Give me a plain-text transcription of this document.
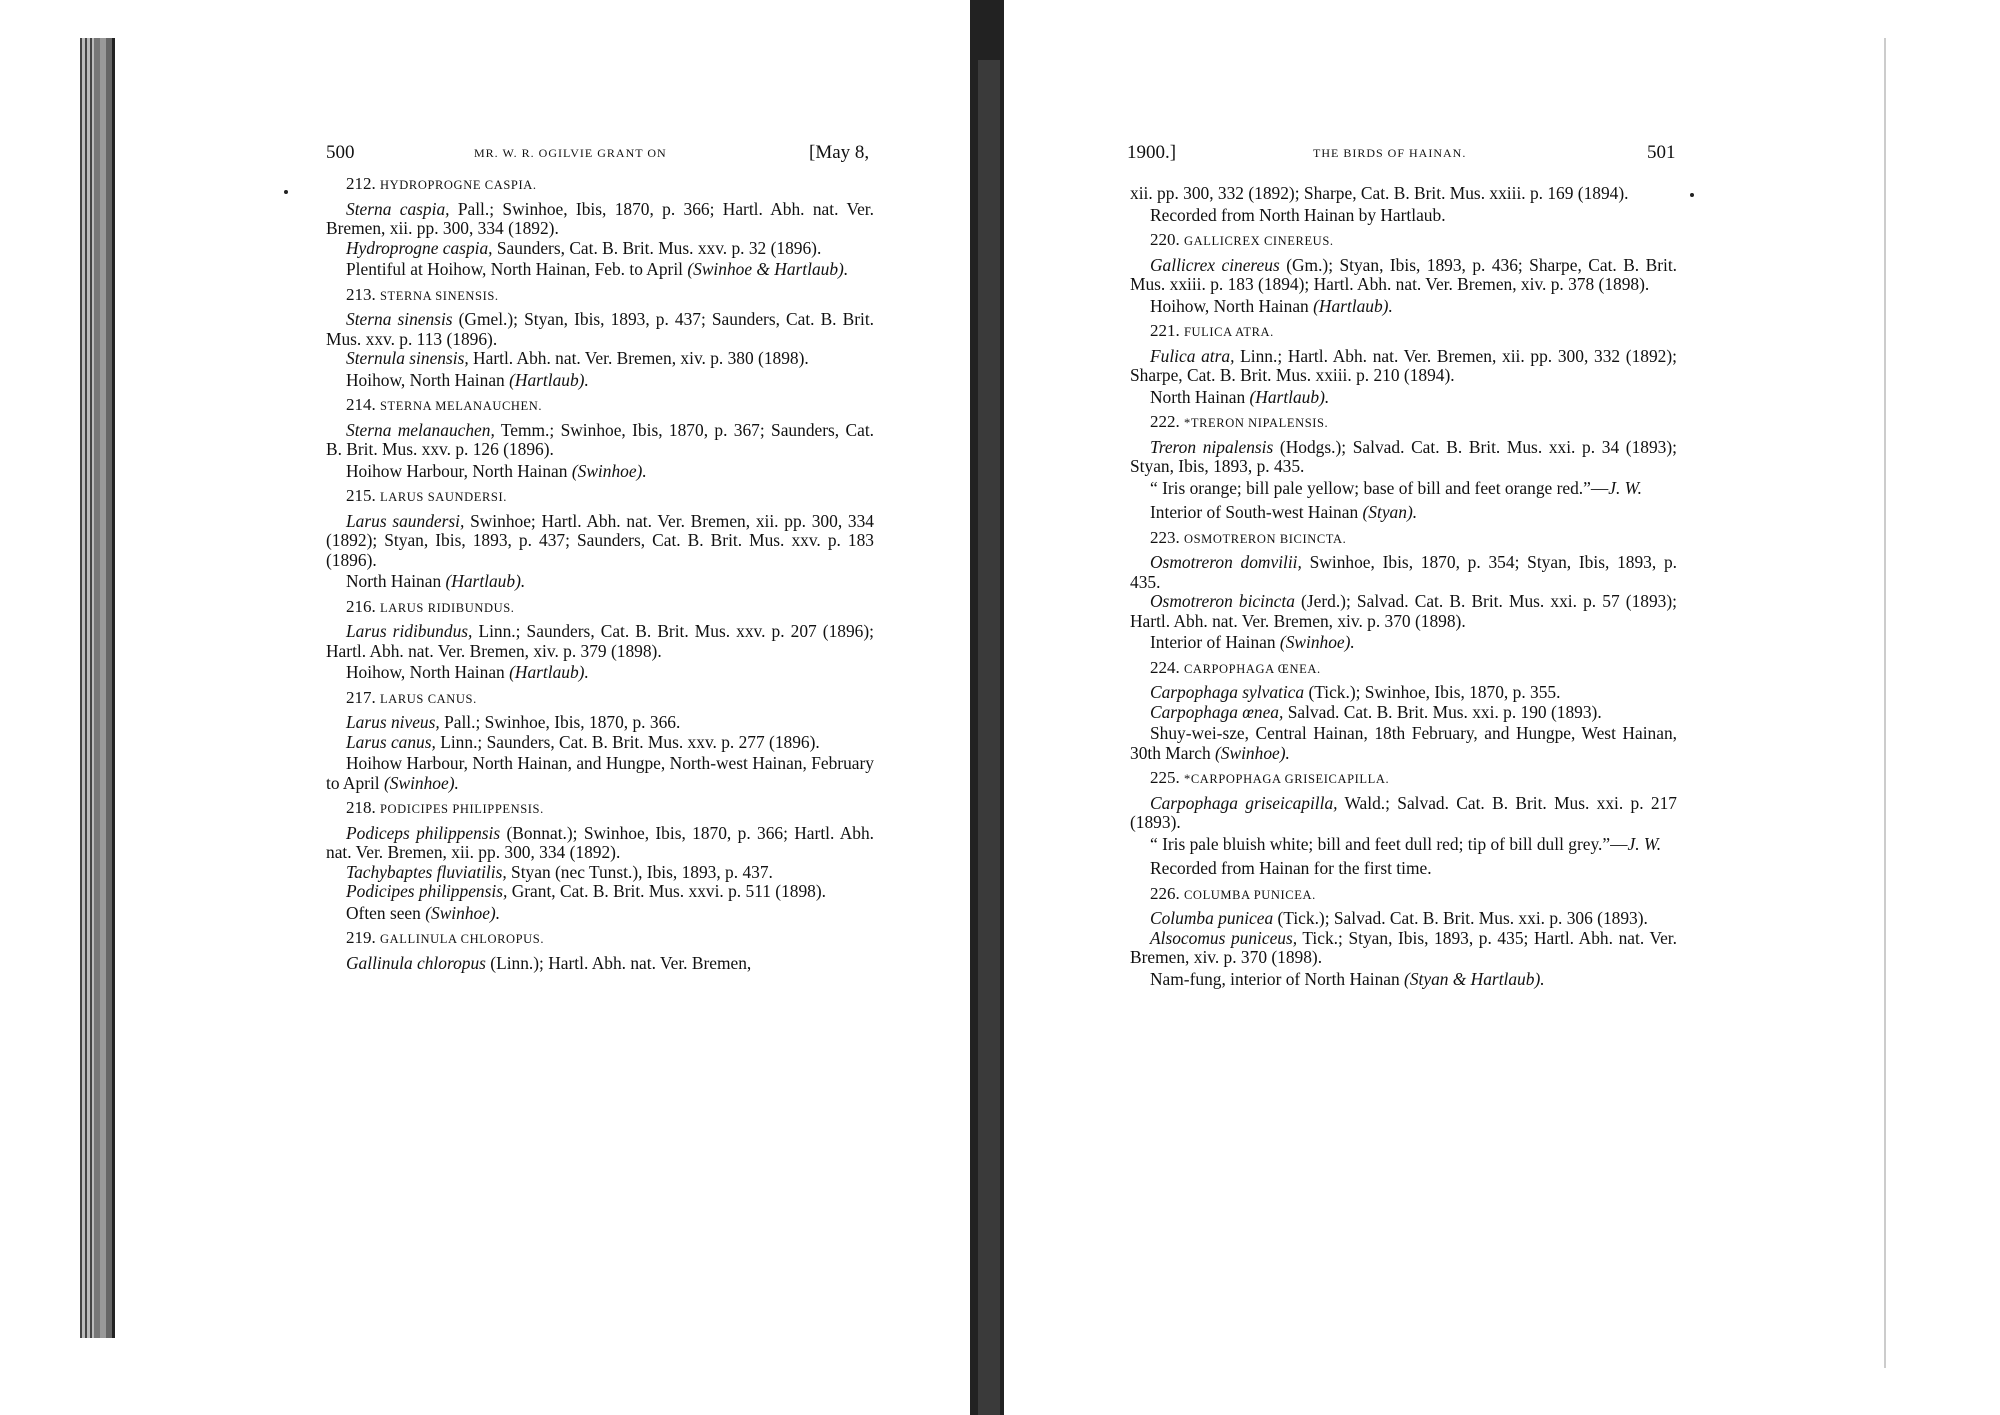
500	MR. W. R. OGILVIE GRANT ON	[May 8,	1900.]	THE BIRDS OF HAINAN.	501

212. HYDROPROGNE CASPIA.

Sterna caspia, Pall.; Swinhoe, Ibis, 1870, p. 366; Hartl. Abh. nat. Ver. Bremen, xii. pp. 300, 334 (1892).

Hydroprogne caspia, Saunders, Cat. B. Brit. Mus. xxv. p. 32 (1896).

Plentiful at Hoihow, North Hainan, Feb. to April (Swinhoe & Hartlaub).

213. STERNA SINENSIS.

Sterna sinensis (Gmel.); Styan, Ibis, 1893, p. 437; Saunders, Cat. B. Brit. Mus. xxv. p. 113 (1896).

Sternula sinensis, Hartl. Abh. nat. Ver. Bremen, xiv. p. 380 (1898).

Hoihow, North Hainan (Hartlaub).

214. STERNA MELANAUCHEN.

Sterna melanauchen, Temm.; Swinhoe, Ibis, 1870, p. 367; Saunders, Cat. B. Brit. Mus. xxv. p. 126 (1896).

Hoihow Harbour, North Hainan (Swinhoe).

215. LARUS SAUNDERSI.

Larus saundersi, Swinhoe; Hartl. Abh. nat. Ver. Bremen, xii. pp. 300, 334 (1892); Styan, Ibis, 1893, p. 437; Saunders, Cat. B. Brit. Mus. xxv. p. 183 (1896).

North Hainan (Hartlaub).

216. LARUS RIDIBUNDUS.

Larus ridibundus, Linn.; Saunders, Cat. B. Brit. Mus. xxv. p. 207 (1896); Hartl. Abh. nat. Ver. Bremen, xiv. p. 379 (1898).

Hoihow, North Hainan (Hartlaub).

217. LARUS CANUS.

Larus niveus, Pall.; Swinhoe, Ibis, 1870, p. 366.

Larus canus, Linn.; Saunders, Cat. B. Brit. Mus. xxv. p. 277 (1896).

Hoihow Harbour, North Hainan, and Hungpe, North-west Hainan, February to April (Swinhoe).

218. PODICIPES PHILIPPENSIS.

Podiceps philippensis (Bonnat.); Swinhoe, Ibis, 1870, p. 366; Hartl. Abh. nat. Ver. Bremen, xii. pp. 300, 334 (1892).

Tachybaptes fluviatilis, Styan (nec Tunst.), Ibis, 1893, p. 437.

Podicipes philippensis, Grant, Cat. B. Brit. Mus. xxvi. p. 511 (1898).

Often seen (Swinhoe).

219. GALLINULA CHLOROPUS.

Gallinula chloropus (Linn.); Hartl. Abh. nat. Ver. Bremen,

xii. pp. 300, 332 (1892); Sharpe, Cat. B. Brit. Mus. xxiii. p. 169 (1894).

Recorded from North Hainan by Hartlaub.

220. GALLICREX CINEREUS.

Gallicrex cinereus (Gm.); Styan, Ibis, 1893, p. 436; Sharpe, Cat. B. Brit. Mus. xxiii. p. 183 (1894); Hartl. Abh. nat. Ver. Bremen, xiv. p. 378 (1898).

Hoihow, North Hainan (Hartlaub).

221. FULICA ATRA.

Fulica atra, Linn.; Hartl. Abh. nat. Ver. Bremen, xii. pp. 300, 332 (1892); Sharpe, Cat. B. Brit. Mus. xxiii. p. 210 (1894).

North Hainan (Hartlaub).

222. *TRERON NIPALENSIS.

Treron nipalensis (Hodgs.); Salvad. Cat. B. Brit. Mus. xxi. p. 34 (1893); Styan, Ibis, 1893, p. 435.

“ Iris orange; bill pale yellow; base of bill and feet orange red.”—J. W.

Interior of South-west Hainan (Styan).

223. OSMOTRERON BICINCTA.

Osmotreron domvilii, Swinhoe, Ibis, 1870, p. 354; Styan, Ibis, 1893, p. 435.

Osmotreron bicincta (Jerd.); Salvad. Cat. B. Brit. Mus. xxi. p. 57 (1893); Hartl. Abh. nat. Ver. Bremen, xiv. p. 370 (1898).

Interior of Hainan (Swinhoe).

224. CARPOPHAGA ŒNEA.

Carpophaga sylvatica (Tick.); Swinhoe, Ibis, 1870, p. 355.

Carpophaga œnea, Salvad. Cat. B. Brit. Mus. xxi. p. 190 (1893).

Shuy-wei-sze, Central Hainan, 18th February, and Hungpe, West Hainan, 30th March (Swinhoe).

225. *CARPOPHAGA GRISEICAPILLA.

Carpophaga griseicapilla, Wald.; Salvad. Cat. B. Brit. Mus. xxi. p. 217 (1893).

“ Iris pale bluish white; bill and feet dull red; tip of bill dull grey.”—J. W.

Recorded from Hainan for the first time.

226. COLUMBA PUNICEA.

Columba punicea (Tick.); Salvad. Cat. B. Brit. Mus. xxi. p. 306 (1893).

Alsocomus puniceus, Tick.; Styan, Ibis, 1893, p. 435; Hartl. Abh. nat. Ver. Bremen, xiv. p. 370 (1898).

Nam-fung, interior of North Hainan (Styan & Hartlaub).
